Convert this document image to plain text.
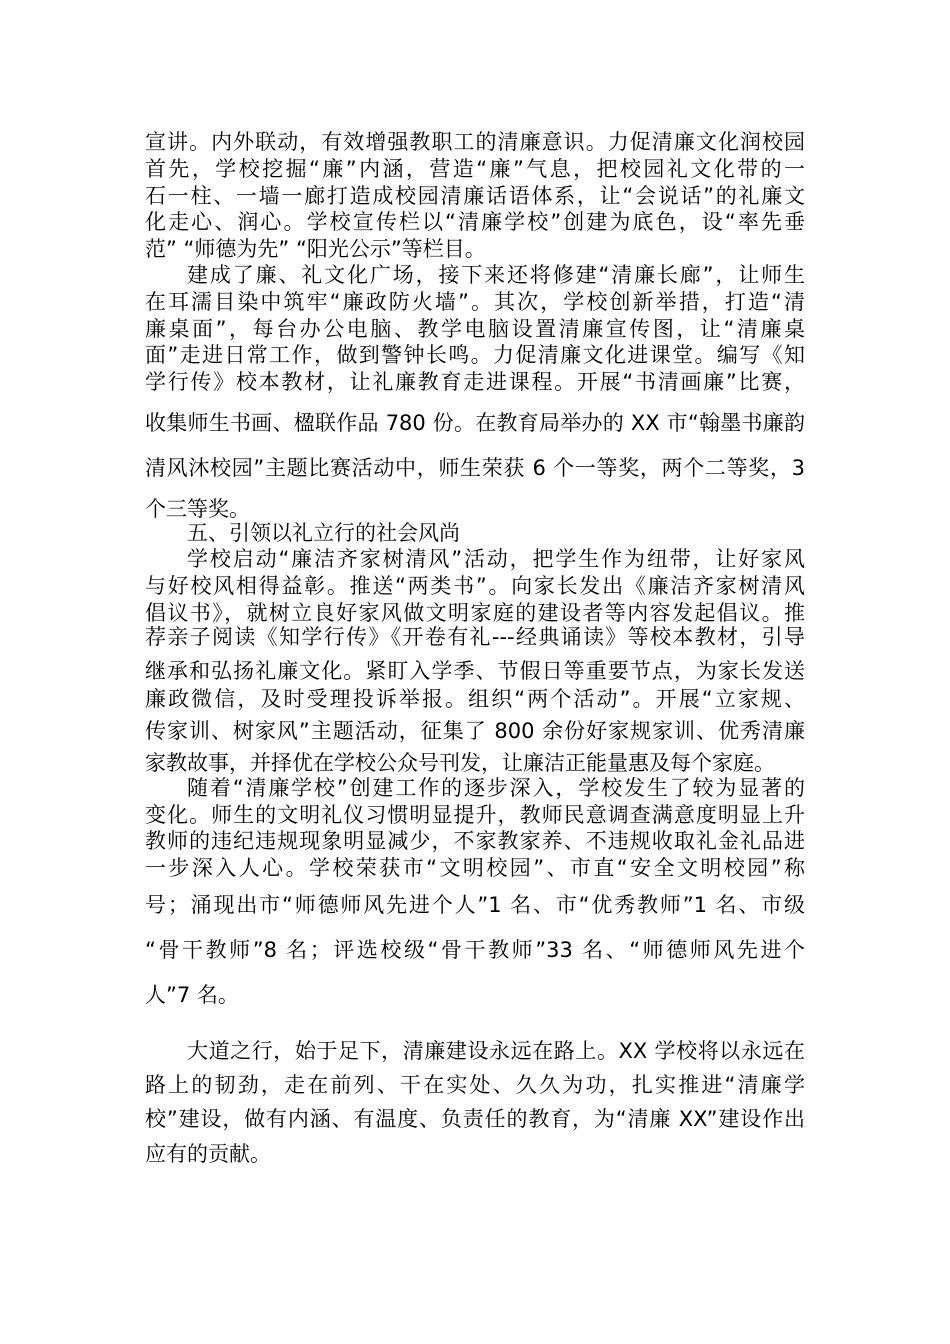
宣讲。内外联动，有效增强教职工的清廉意识。力促清廉文化润校园
首先，学校挖掘“廉”内涵，营造“廉”气息，把校园礼文化带的一
石一柱、一墙一廊打造成校园清廉话语体系，让“会说话”的礼廉文
化走心、润心。学校宣传栏以“清廉学校”创建为底色，设“率先垂
范” “师德为先” “阳光公示”等栏目。
建成了廉、礼文化广场，接下来还将修建“清廉长廊”，让师生
在耳濡目染中筑牢“廉政防火墙”。其次，学校创新举措，打造“清
廉桌面”，每台办公电脑、教学电脑设置清廉宣传图，让“清廉桌
面”走进日常工作，做到警钟长鸣。力促清廉文化进课堂。编写《知
学行传》校本教材，让礼廉教育走进课程。开展“书清画廉”比赛，
收集师生书画、楹联作品 780 份。在教育局举办的 XX 市“翰墨书廉韵
清风沐校园”主题比赛活动中，师生荣获 6 个一等奖，两个二等奖，3
个三等奖。
五、引领以礼立行的社会风尚
学校启动“廉洁齐家树清风”活动，把学生作为纽带，让好家风
与好校风相得益彰。推送“两类书”。向家长发出《廉洁齐家树清风
倡议书》，就树立良好家风做文明家庭的建设者等内容发起倡议。推
荐亲子阅读《知学行传》《开卷有礼---经典诵读》等校本教材，引导
继承和弘扬礼廉文化。紧盯入学季、节假日等重要节点，为家长发送
廉政微信，及时受理投诉举报。组织“两个活动”。开展“立家规、
传家训、树家风”主题活动，征集了 800 余份好家规家训、优秀清廉
家教故事，并择优在学校公众号刊发，让廉洁正能量惠及每个家庭。
随着“清廉学校”创建工作的逐步深入，学校发生了较为显著的
变化。师生的文明礼仪习惯明显提升，教师民意调查满意度明显上升
教师的违纪违规现象明显减少，不家教家养、不违规收取礼金礼品进
一步深入人心。学校荣获市“文明校园”、市直“安全文明校园”称
号；涌现出市“师德师风先进个人”1 名、市“优秀教师”1 名、市级
“骨干教师”8 名；评选校级“骨干教师”33 名、“师德师风先进个
人”7 名。
大道之行，始于足下，清廉建设永远在路上。XX 学校将以永远在
路上的韧劲，走在前列、干在实处、久久为功，扎实推进“清廉学
校”建设，做有内涵、有温度、负责任的教育，为“清廉 XX”建设作出
应有的贡献。
